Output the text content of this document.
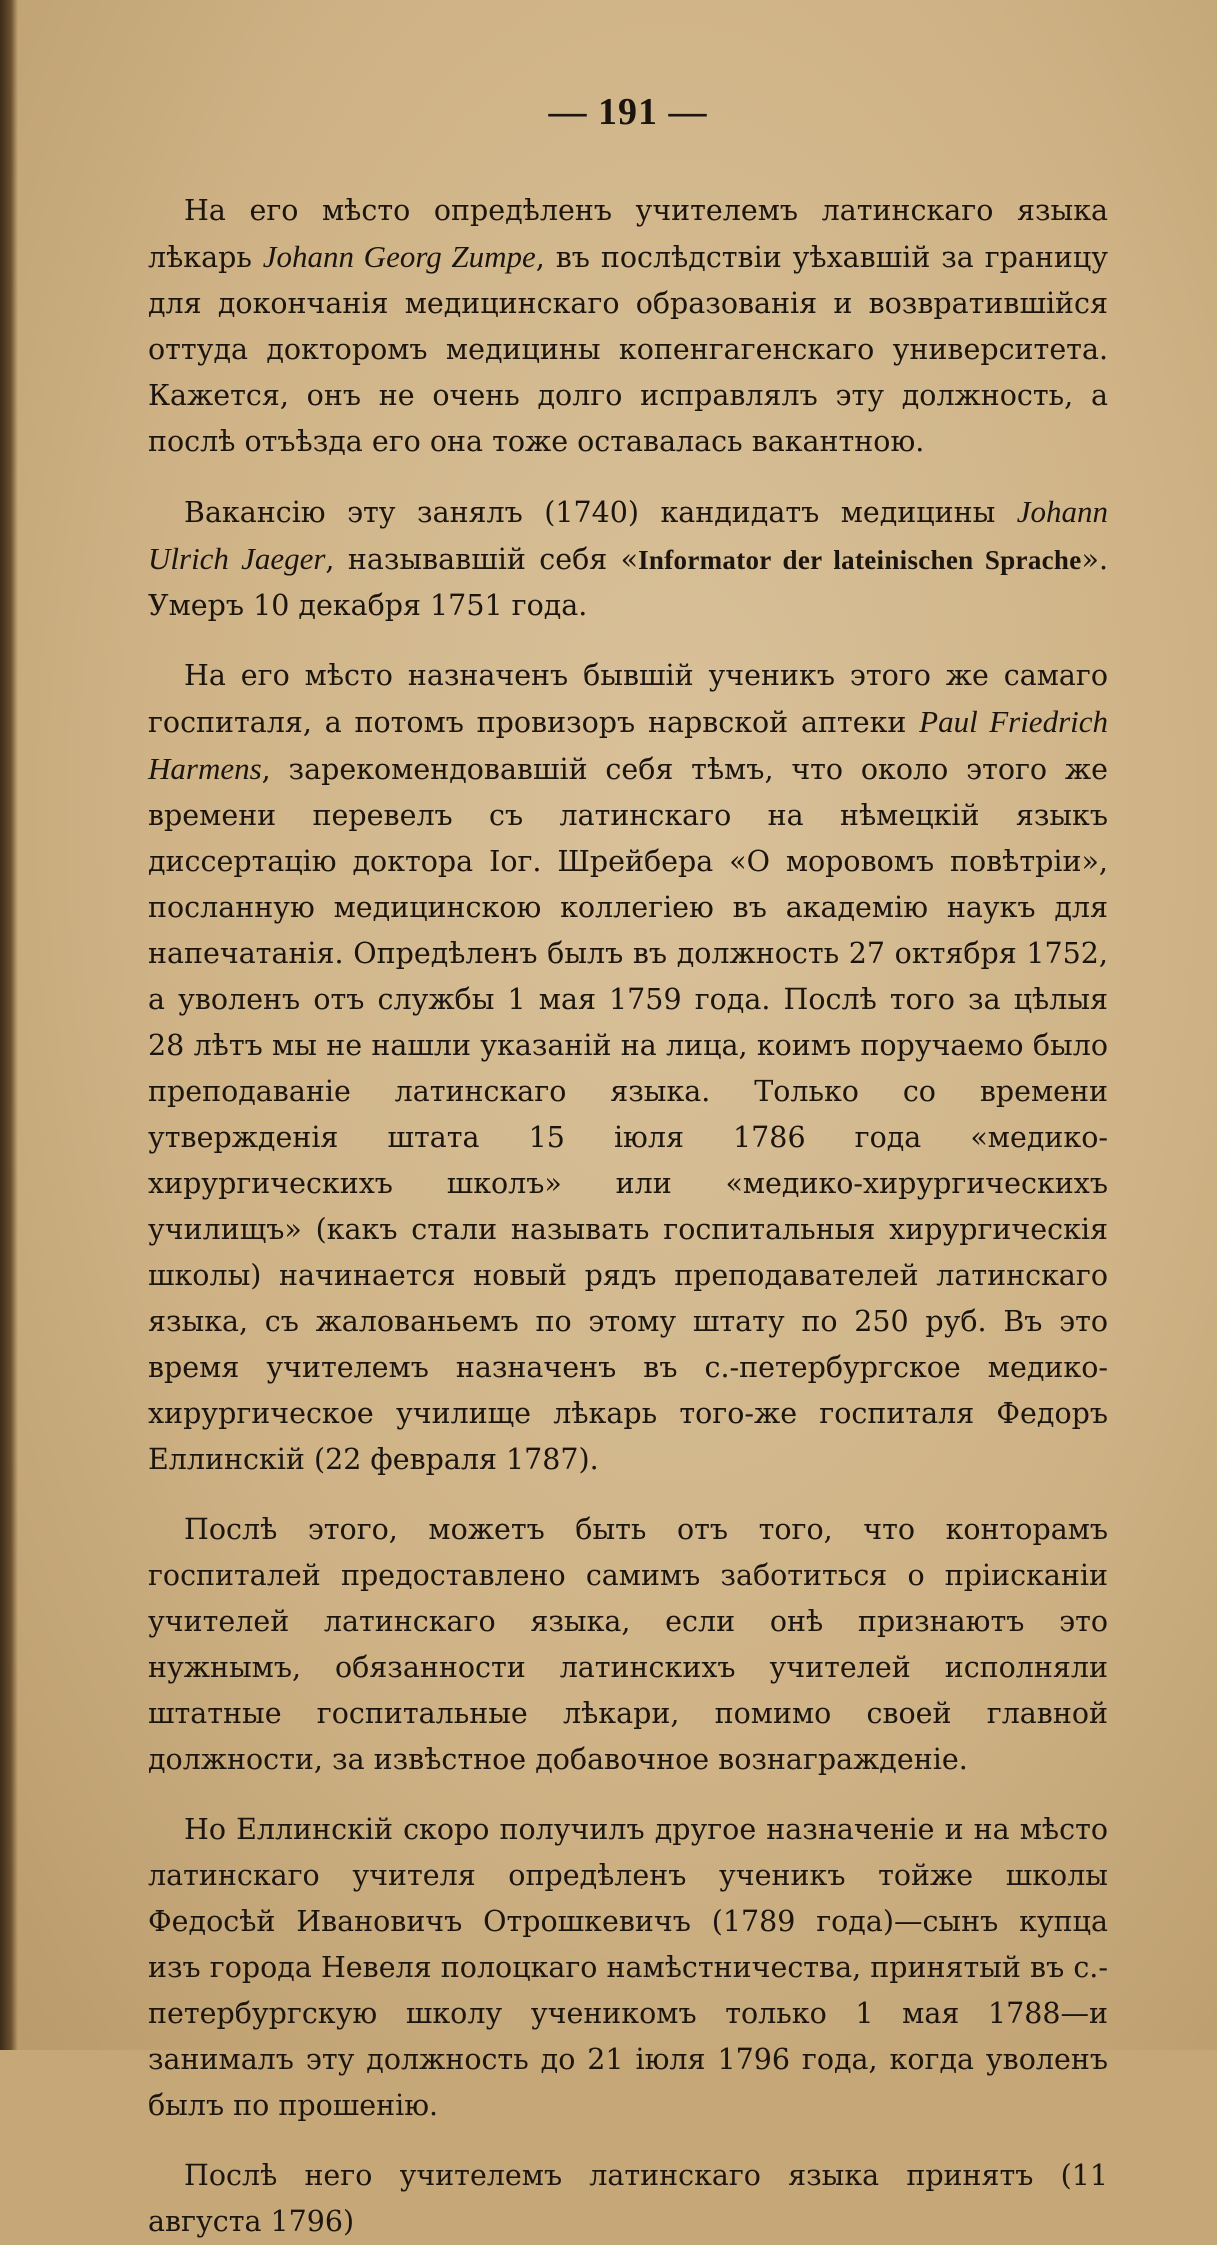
— 191 —

На его мѣсто опредѣленъ учителемъ латинскаго языка лѣкарь Johann Georg Zumpe, въ послѣдствіи уѣхавшій за границу для докончанія медицинскаго образованія и возвратившійся оттуда докторомъ медицины копенгагенскаго университета. Кажется, онъ не очень долго исправлялъ эту должность, а послѣ отъѣзда его она тоже оставалась вакантною.

Вакансію эту занялъ (1740) кандидатъ медицины Johann Ulrich Jaeger, называвшій себя «Informator der lateinischen Sprache». Умеръ 10 декабря 1751 года.

На его мѣсто назначенъ бывшій ученикъ этого же самаго госпиталя, а потомъ провизоръ нарвской аптеки Paul Friedrich Harmens, зарекомендовавшій себя тѣмъ, что около этого же времени перевелъ съ латинскаго на нѣмецкій языкъ диссертацію доктора Іог. Шрейбера «О моровомъ повѣтріи», посланную медицинскою коллегіею въ академію наукъ для напечатанія. Опредѣленъ былъ въ должность 27 октября 1752, а уволенъ отъ службы 1 мая 1759 года. Послѣ того за цѣлыя 28 лѣтъ мы не нашли указаній на лица, коимъ поручаемо было преподаванiе латинскаго языка. Только со времени утвержденія штата 15 іюля 1786 года «медико-хирургическихъ школъ» или «медико-хирургическихъ училищъ» (какъ стали называть госпитальныя хирургическія школы) начинается новый рядъ преподавателей латинскаго языка, съ жалованьемъ по этому штату по 250 руб. Въ это время учителемъ назначенъ въ с.-петербургское медико-хирургическое училище лѣкарь того-же госпиталя Федоръ Еллинскій (22 февраля 1787).

Послѣ этого, можетъ быть отъ того, что конторамъ госпиталей предоставлено самимъ заботиться о прiисканіи учителей латинскаго языка, если онѣ признаютъ это нужнымъ, обязанности латинскихъ учителей исполняли штатные госпитальные лѣкари, помимо своей главной должности, за извѣстное добавочное вознагражденіе.

Но Еллинскій скоро получилъ другое назначеніе и на мѣсто латинскаго учителя опредѣленъ ученикъ тойже школы Федосѣй Ивановичъ Отрошкевичъ (1789 года)—сынъ купца изъ города Невеля полоцкаго намѣстничества, принятый въ с.-петербургскую школу ученикомъ только 1 мая 1788—и занималъ эту должность до 21 іюля 1796 года, когда уволенъ былъ по прошенію.

Послѣ него учителемъ латинскаго языка принятъ (11 августа 1796)
